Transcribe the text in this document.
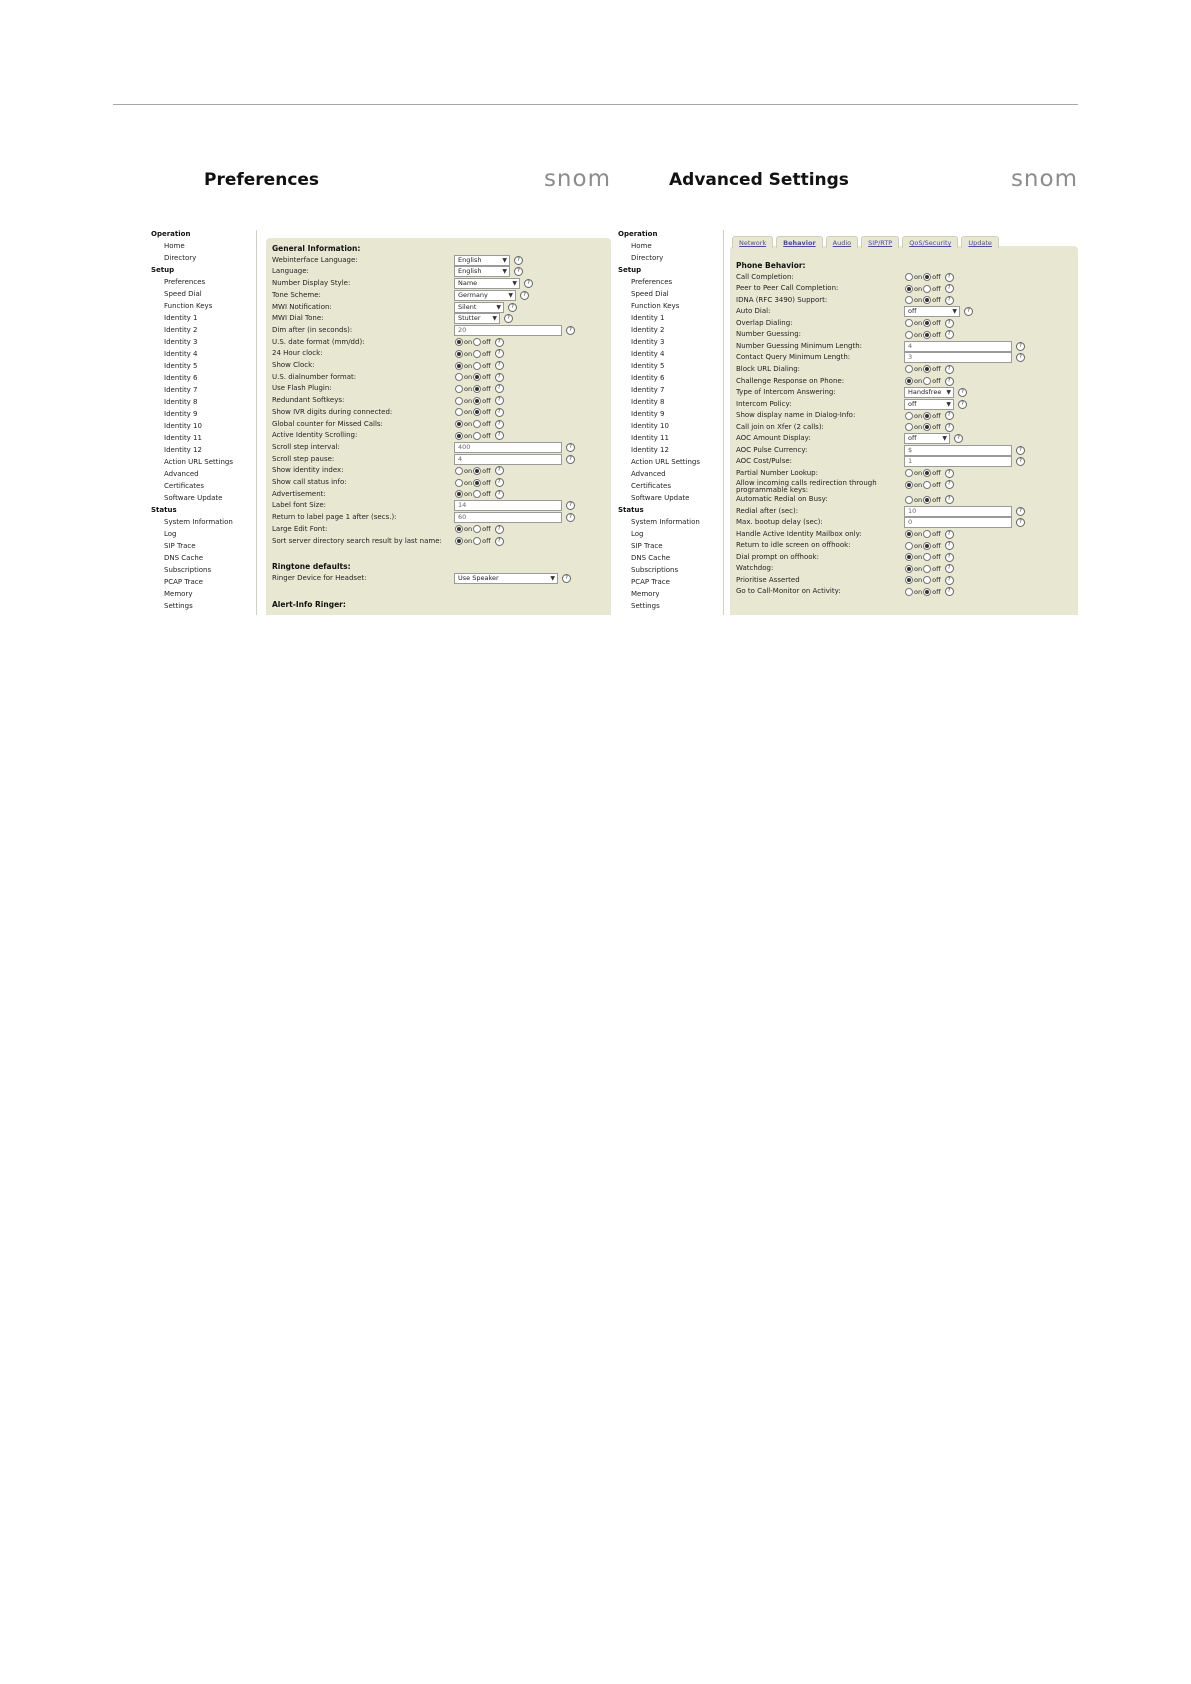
Preferences	snom
Operation
Home
Directory
Setup
Preferences
Speed Dial
Function Keys
Identity 1
Identity 2
Identity 3
Identity 4
Identity 5
Identity 6
Identity 7
Identity 8
Identity 9
Identity 10
Identity 11
Identity 12
Action URL Settings
Advanced
Certificates
Software Update
Status
System Information
Log
SIP Trace
DNS Cache
Subscriptions
PCAP Trace
Memory
Settings
General Information:
Webinterface Language:	English	▼	?
Language:	English	▼	?
Number Display Style:	Name	▼	?
Tone Scheme:	Germany	▼	?
MWI Notification:	Silent	▼	?
MWI Dial Tone:	Stutter ▼	?
Dim after (in seconds):	20	?
U.S. date format (mm/dd):	on off	?
24 Hour clock:	on off	?
Show Clock:	on off	?
U.S. dialnumber format:	on off	?
Use Flash Plugin:	on off	?
Redundant Softkeys:	on off	?
Show IVR digits during connected:	on off	?
Global counter for Missed Calls:	on off	?
Active Identity Scrolling:	on off	?
Scroll step interval:	400	?
Scroll step pause:	4	?
Show identity index:	on off	?
Show call status info:	on off	?
Advertisement:	on off	?
Label font Size:	14	?
Return to label page 1 after (secs.):	60	?
Large Edit Font:	on off	?
Sort server directory search result by last name:	on off	?
Ringtone defaults:
Ringer Device for Headset:	Use Speaker	▼	?
Alert-Info Ringer:
Advanced Settings	snom
Operation
Home
Directory
Setup
Preferences
Speed Dial
Function Keys
Identity 1
Identity 2
Identity 3
Identity 4
Identity 5
Identity 6
Identity 7
Identity 8
Identity 9
Identity 10
Identity 11
Identity 12
Action URL Settings
Advanced
Certificates
Software Update
Status
System Information
Log
SIP Trace
DNS Cache
Subscriptions
PCAP Trace
Memory
Settings
Network	Behavior	Audio	SIP/RTP	QoS/Security	Update
Phone Behavior:
Call Completion:	on off	?
Peer to Peer Call Completion:	on off	?
IDNA (RFC 3490) Support:	on off	?
Auto Dial:	off	▼	?
Overlap Dialing:	on off	?
Number Guessing:	on off	?
Number Guessing Minimum Length:	4	?
Contact Query Minimum Length:	3	?
Block URL Dialing:	on off	?
Challenge Response on Phone:	on off	?
Type of Intercom Answering:	Handsfree ▼	?
Intercom Policy:	off	▼	?
Show display name in Dialog-Info:	on off	?
Call join on Xfer (2 calls):	on off	?
AOC Amount Display:	off	▼	?
AOC Pulse Currency:	$	?
AOC Cost/Pulse:	1	?
Partial Number Lookup:	on off	?
Allow incoming calls redirection through programmable keys:
on off	?
Automatic Redial on Busy:	on off	?
Redial after (sec):	10	?
Max. bootup delay (sec):	0	?
Handle Active Identity Mailbox only:	on off	?
Return to idle screen on offhook:	on off	?
Dial prompt on offhook:	on off	?
Watchdog:	on off	?
Prioritise Asserted	on off	?
Go to Call-Monitor on Activity:	on off	?
